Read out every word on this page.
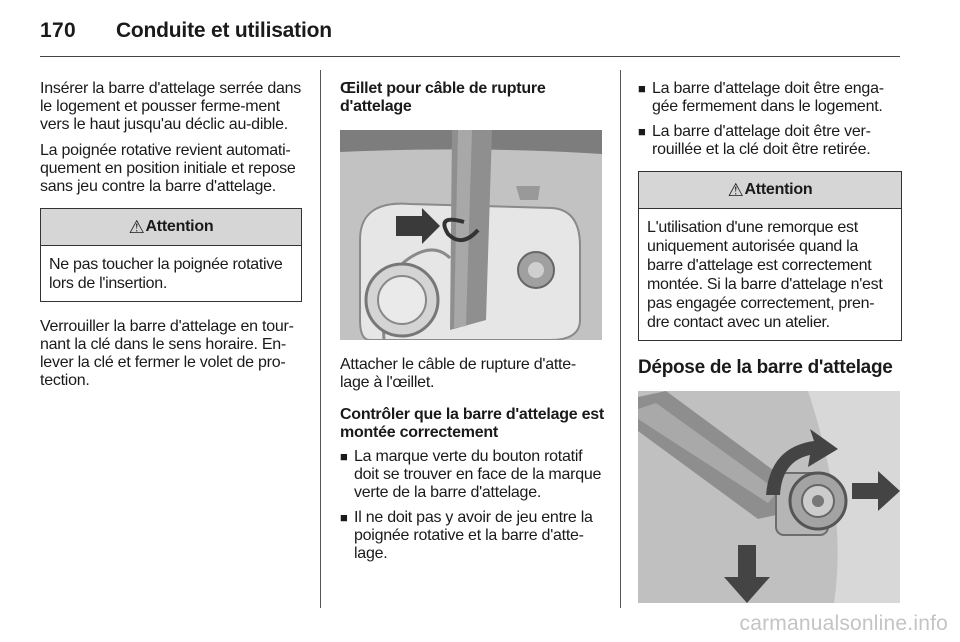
170 Conduite et utilisation

Insérer la barre d'attelage serrée dans le logement et pousser ferme-ment vers le haut jusqu'au déclic au-dible.

La poignée rotative revient automati-quement en position initiale et repose sans jeu contre la barre d'attelage.

⚠ Attention
Ne pas toucher la poignée rotative lors de l'insertion.

Verrouiller la barre d'attelage en tour-nant la clé dans le sens horaire. En-lever la clé et fermer le volet de pro-tection.

Œillet pour câble de rupture d'attelage

Attacher le câble de rupture d'atte-lage à l'œillet.

Contrôler que la barre d'attelage est montée correctement
■ La marque verte du bouton rotatif doit se trouver en face de la marque verte de la barre d'attelage.
■ Il ne doit pas y avoir de jeu entre la poignée rotative et la barre d'atte-lage.
■ La barre d'attelage doit être enga-gée fermement dans le logement.
■ La barre d'attelage doit être ver-rouillée et la clé doit être retirée.
⚠ Attention
L'utilisation d'une remorque est uniquement autorisée quand la barre d'attelage est correctement montée. Si la barre d'attelage n'est pas engagée correctement, pren-dre contact avec un atelier.
Dépose de la barre d'attelage
carmanualsonline.info
